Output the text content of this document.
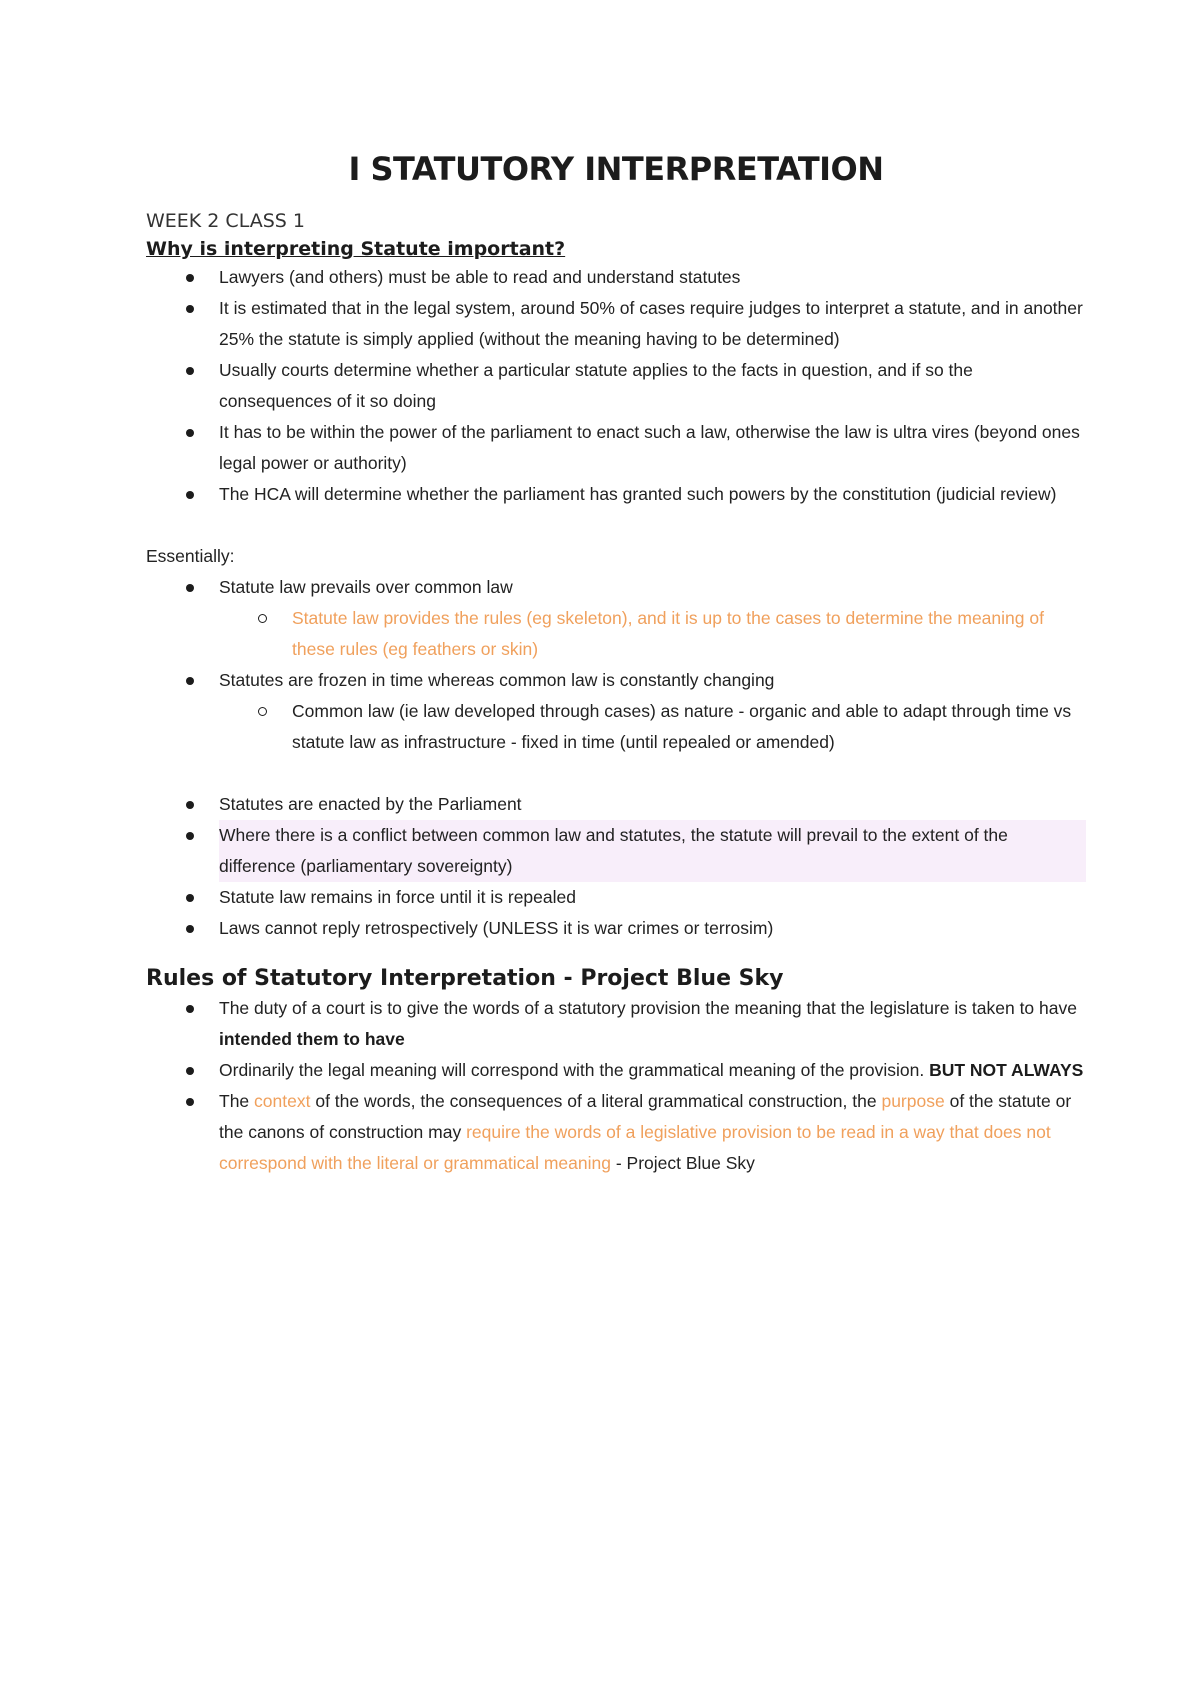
I STATUTORY INTERPRETATION
WEEK 2 CLASS 1
Why is interpreting Statute important?
Lawyers (and others) must be able to read and understand statutes
It is estimated that in the legal system, around 50% of cases require judges to interpret a statute, and in another 25% the statute is simply applied (without the meaning having to be determined)
Usually courts determine whether a particular statute applies to the facts in question, and if so the consequences of it so doing
It has to be within the power of the parliament to enact such a law, otherwise the law is ultra vires (beyond ones legal power or authority)
The HCA will determine whether the parliament has granted such powers by the constitution (judicial review)

Essentially:

Statute law prevails over common law
Statute law provides the rules (eg skeleton), and it is up to the cases to determine the meaning of these rules (eg feathers or skin)
Statutes are frozen in time whereas common law is constantly changing
Common law (ie law developed through cases) as nature - organic and able to adapt through time vs statute law as infrastructure - fixed in time (until repealed or amended)
Statutes are enacted by the Parliament
Where there is a conflict between common law and statutes, the statute will prevail to the extent of the difference (parliamentary sovereignty)
Statute law remains in force until it is repealed
Laws cannot reply retrospectively (UNLESS it is war crimes or terrosim)
Rules of Statutory Interpretation - Project Blue Sky
The duty of a court is to give the words of a statutory provision the meaning that the legislature is taken to have intended them to have
Ordinarily the legal meaning will correspond with the grammatical meaning of the provision. BUT NOT ALWAYS
The context of the words, the consequences of a literal grammatical construction, the purpose of the statute or the canons of construction may require the words of a legislative provision to be read in a way that does not correspond with the literal or grammatical meaning - Project Blue Sky
